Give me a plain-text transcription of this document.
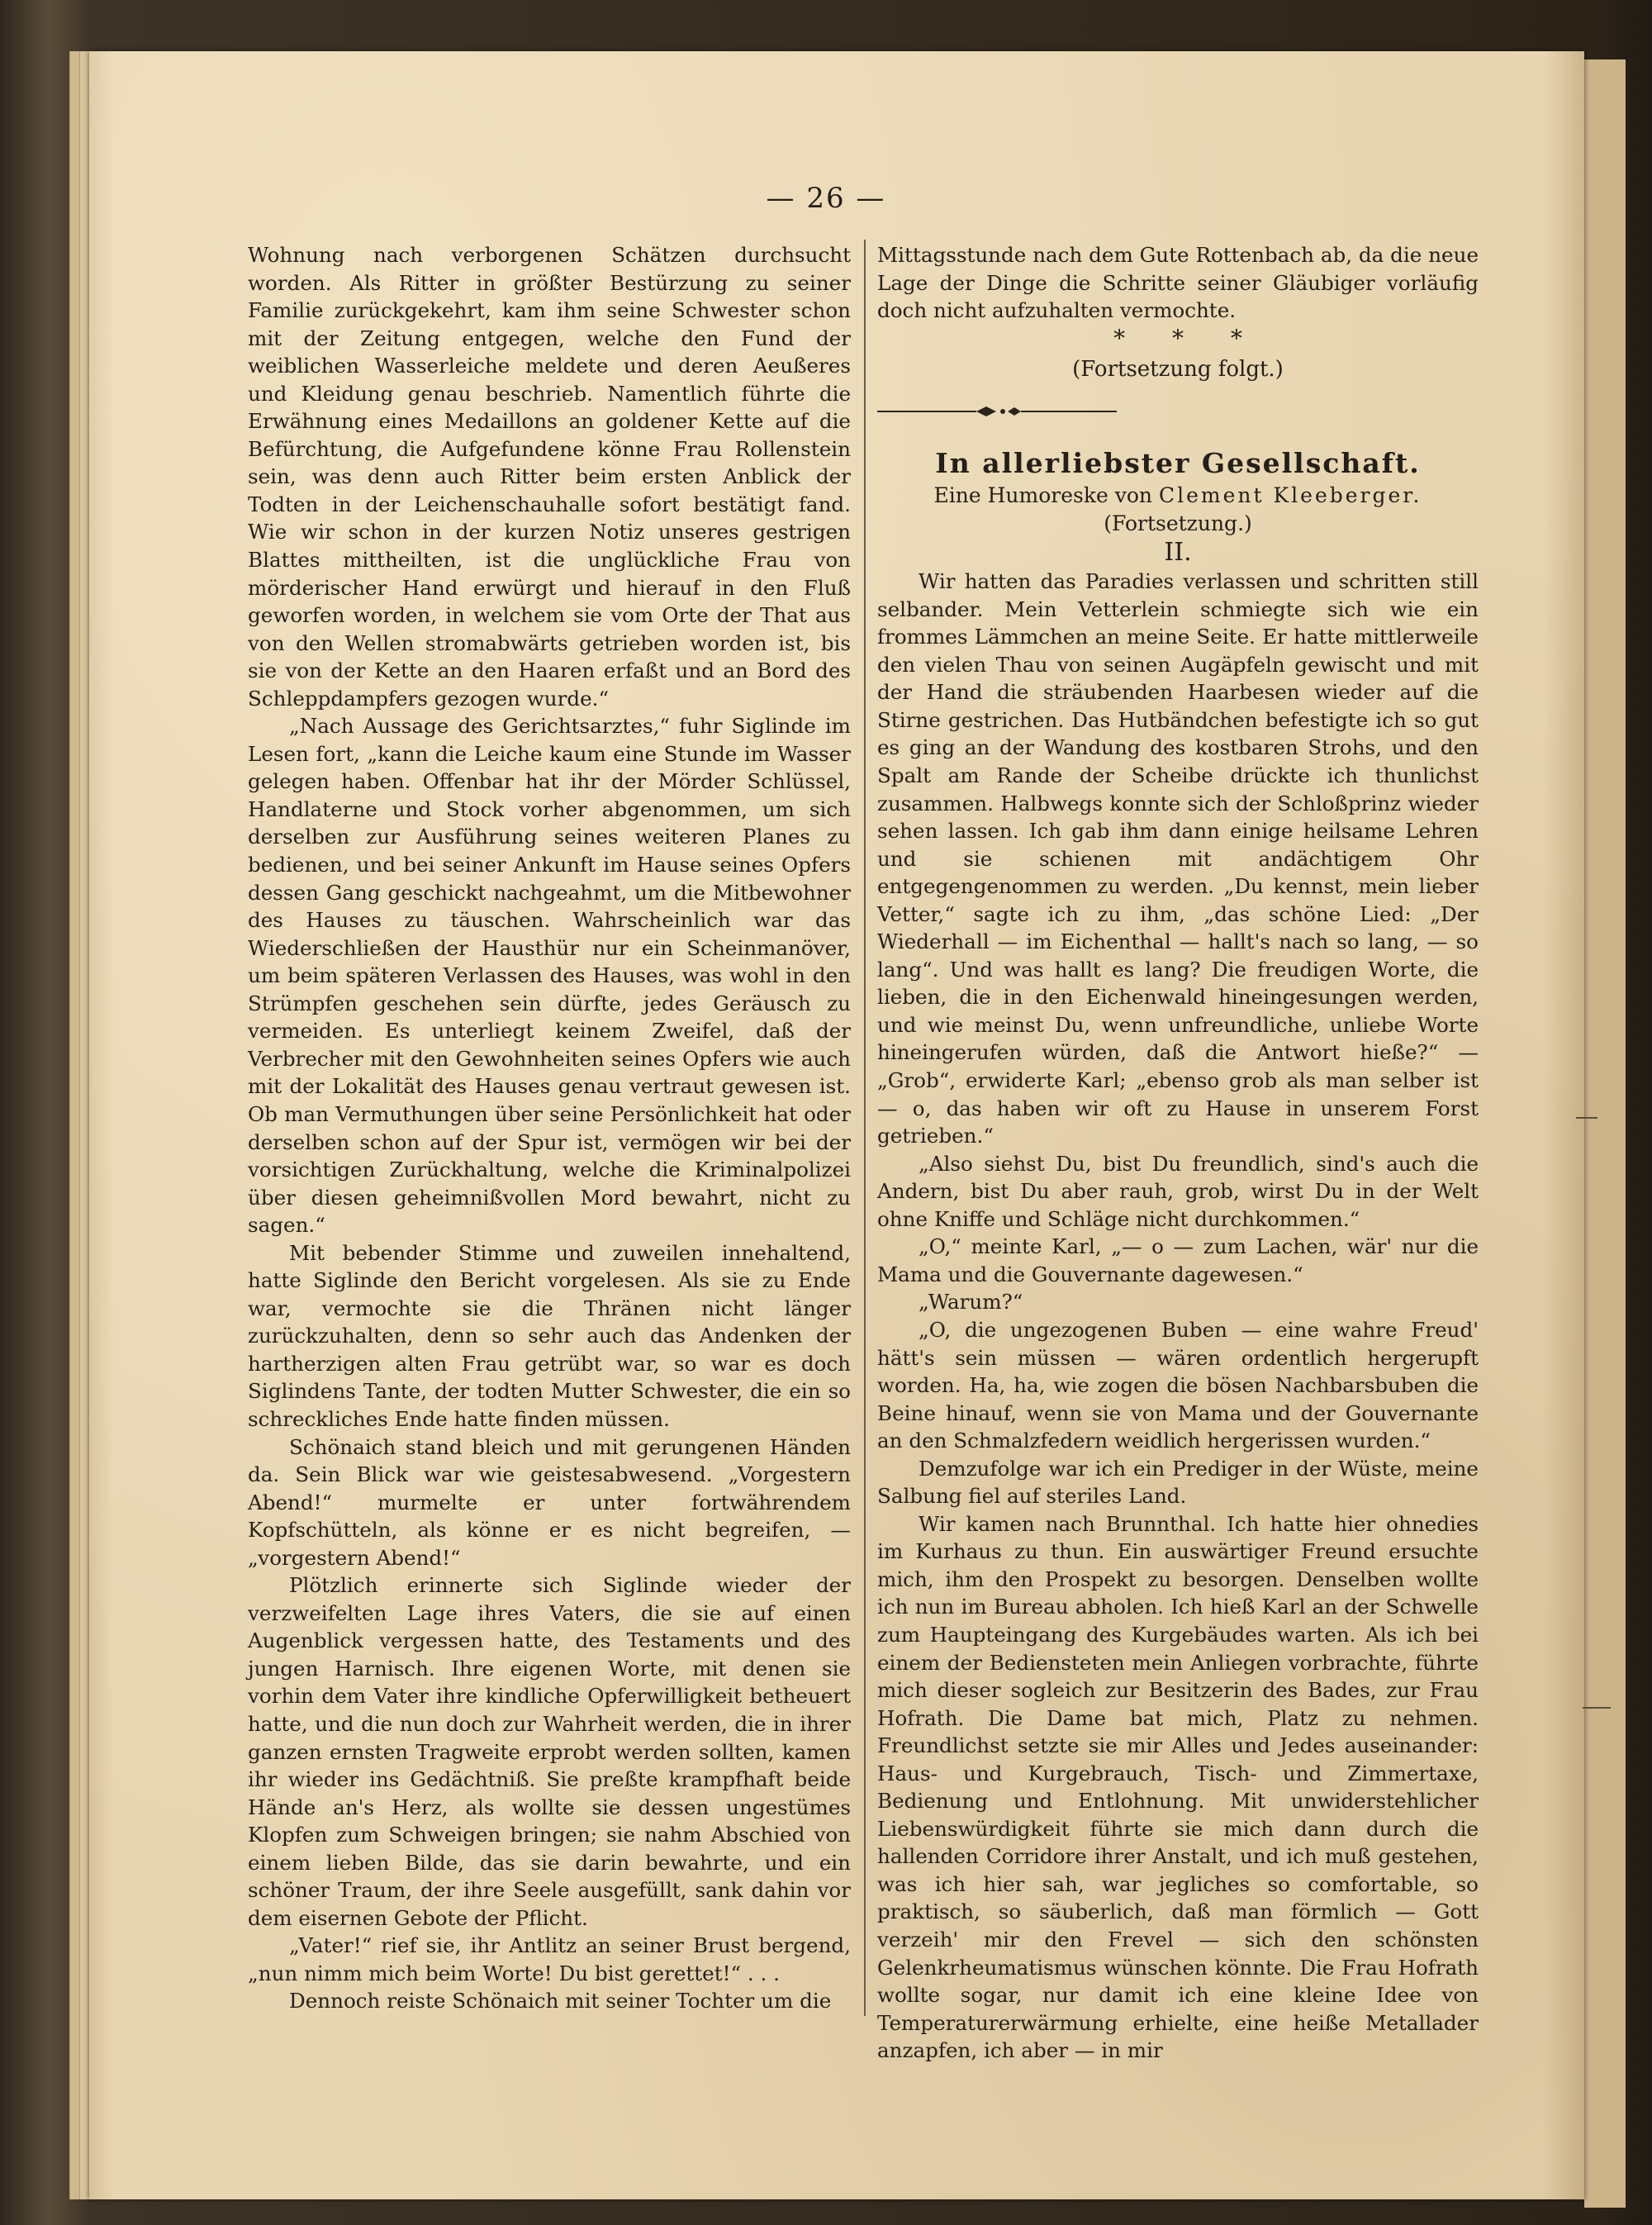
— 26 —

Wohnung nach verborgenen Schätzen durchsucht worden. Als Ritter in größter Bestürzung zu seiner Familie zurückgekehrt, kam ihm seine Schwester schon mit der Zeitung entgegen, welche den Fund der weiblichen Wasserleiche meldete und deren Aeußeres und Kleidung genau beschrieb. Namentlich führte die Erwähnung eines Medaillons an goldener Kette auf die Befürchtung, die Aufgefundene könne Frau Rollenstein sein, was denn auch Ritter beim ersten Anblick der Todten in der Leichenschauhalle sofort bestätigt fand. Wie wir schon in der kurzen Notiz unseres gestrigen Blattes mittheilten, ist die unglückliche Frau von mörderischer Hand erwürgt und hierauf in den Fluß geworfen worden, in welchem sie vom Orte der That aus von den Wellen stromabwärts getrieben worden ist, bis sie von der Kette an den Haaren erfaßt und an Bord des Schleppdampfers gezogen wurde.“

„Nach Aussage des Gerichtsarztes,“ fuhr Siglinde im Lesen fort, „kann die Leiche kaum eine Stunde im Wasser gelegen haben. Offenbar hat ihr der Mörder Schlüssel, Handlaterne und Stock vorher abgenommen, um sich derselben zur Ausführung seines weiteren Planes zu bedienen, und bei seiner Ankunft im Hause seines Opfers dessen Gang geschickt nachgeahmt, um die Mitbewohner des Hauses zu täuschen. Wahrscheinlich war das Wiederschließen der Hausthür nur ein Scheinmanöver, um beim späteren Verlassen des Hauses, was wohl in den Strümpfen geschehen sein dürfte, jedes Geräusch zu vermeiden. Es unterliegt keinem Zweifel, daß der Verbrecher mit den Gewohnheiten seines Opfers wie auch mit der Lokalität des Hauses genau vertraut gewesen ist. Ob man Vermuthungen über seine Persönlichkeit hat oder derselben schon auf der Spur ist, vermögen wir bei der vorsichtigen Zurückhaltung, welche die Kriminalpolizei über diesen geheimnißvollen Mord bewahrt, nicht zu sagen.“

Mit bebender Stimme und zuweilen innehaltend, hatte Siglinde den Bericht vorgelesen. Als sie zu Ende war, vermochte sie die Thränen nicht länger zurückzuhalten, denn so sehr auch das Andenken der hartherzigen alten Frau getrübt war, so war es doch Siglindens Tante, der todten Mutter Schwester, die ein so schreckliches Ende hatte finden müssen.

Schönaich stand bleich und mit gerungenen Händen da. Sein Blick war wie geistesabwesend. „Vorgestern Abend!“ murmelte er unter fortwährendem Kopfschütteln, als könne er es nicht begreifen, — „vorgestern Abend!“

Plötzlich erinnerte sich Siglinde wieder der verzweifelten Lage ihres Vaters, die sie auf einen Augenblick vergessen hatte, des Testaments und des jungen Harnisch. Ihre eigenen Worte, mit denen sie vorhin dem Vater ihre kindliche Opferwilligkeit betheuert hatte, und die nun doch zur Wahrheit werden, die in ihrer ganzen ernsten Tragweite erprobt werden sollten, kamen ihr wieder ins Gedächtniß. Sie preßte krampfhaft beide Hände an's Herz, als wollte sie dessen ungestümes Klopfen zum Schweigen bringen; sie nahm Abschied von einem lieben Bilde, das sie darin bewahrte, und ein schöner Traum, der ihre Seele ausgefüllt, sank dahin vor dem eisernen Gebote der Pflicht.

„Vater!“ rief sie, ihr Antlitz an seiner Brust bergend, „nun nimm mich beim Worte! Du bist gerettet!“ . . .

Dennoch reiste Schönaich mit seiner Tochter um die

Mittagsstunde nach dem Gute Rottenbach ab, da die neue Lage der Dinge die Schritte seiner Gläubiger vorläufig doch nicht aufzuhalten vermochte.

* * *
(Fortsetzung folgt.)
In allerliebster Gesellschaft.
Eine Humoreske von Clement Kleeberger.
(Fortsetzung.)
II.

Wir hatten das Paradies verlassen und schritten still selbander. Mein Vetterlein schmiegte sich wie ein frommes Lämmchen an meine Seite. Er hatte mittlerweile den vielen Thau von seinen Augäpfeln gewischt und mit der Hand die sträubenden Haarbesen wieder auf die Stirne gestrichen. Das Hutbändchen befestigte ich so gut es ging an der Wandung des kostbaren Strohs, und den Spalt am Rande der Scheibe drückte ich thunlichst zusammen. Halbwegs konnte sich der Schloßprinz wieder sehen lassen. Ich gab ihm dann einige heilsame Lehren und sie schienen mit andächtigem Ohr entgegengenommen zu werden. „Du kennst, mein lieber Vetter,“ sagte ich zu ihm, „das schöne Lied: „Der Wiederhall — im Eichenthal — hallt's nach so lang, — so lang“. Und was hallt es lang? Die freudigen Worte, die lieben, die in den Eichenwald hineingesungen werden, und wie meinst Du, wenn unfreundliche, unliebe Worte hineingerufen würden, daß die Antwort hieße?“ — „Grob“, erwiderte Karl; „ebenso grob als man selber ist — o, das haben wir oft zu Hause in unserem Forst getrieben.“

„Also siehst Du, bist Du freundlich, sind's auch die Andern, bist Du aber rauh, grob, wirst Du in der Welt ohne Kniffe und Schläge nicht durchkommen.“

„O,“ meinte Karl, „— o — zum Lachen, wär' nur die Mama und die Gouvernante dagewesen.“

„Warum?“

„O, die ungezogenen Buben — eine wahre Freud' hätt's sein müssen — wären ordentlich hergerupft worden. Ha, ha, wie zogen die bösen Nachbarsbuben die Beine hinauf, wenn sie von Mama und der Gouvernante an den Schmalzfedern weidlich hergerissen wurden.“

Demzufolge war ich ein Prediger in der Wüste, meine Salbung fiel auf steriles Land.

Wir kamen nach Brunnthal. Ich hatte hier ohnedies im Kurhaus zu thun. Ein auswärtiger Freund ersuchte mich, ihm den Prospekt zu besorgen. Denselben wollte ich nun im Bureau abholen. Ich hieß Karl an der Schwelle zum Haupteingang des Kurgebäudes warten. Als ich bei einem der Bediensteten mein Anliegen vorbrachte, führte mich dieser sogleich zur Besitzerin des Bades, zur Frau Hofrath. Die Dame bat mich, Platz zu nehmen. Freundlichst setzte sie mir Alles und Jedes auseinander: Haus- und Kurgebrauch, Tisch- und Zimmertaxe, Bedienung und Entlohnung. Mit unwiderstehlicher Liebenswürdigkeit führte sie mich dann durch die hallenden Corridore ihrer Anstalt, und ich muß gestehen, was ich hier sah, war jegliches so comfortable, so praktisch, so säuberlich, daß man förmlich — Gott verzeih' mir den Frevel — sich den schönsten Gelenkrheumatismus wünschen könnte. Die Frau Hofrath wollte sogar, nur damit ich eine kleine Idee von Temperaturerwärmung erhielte, eine heiße Metallader anzapfen, ich aber — in mir
